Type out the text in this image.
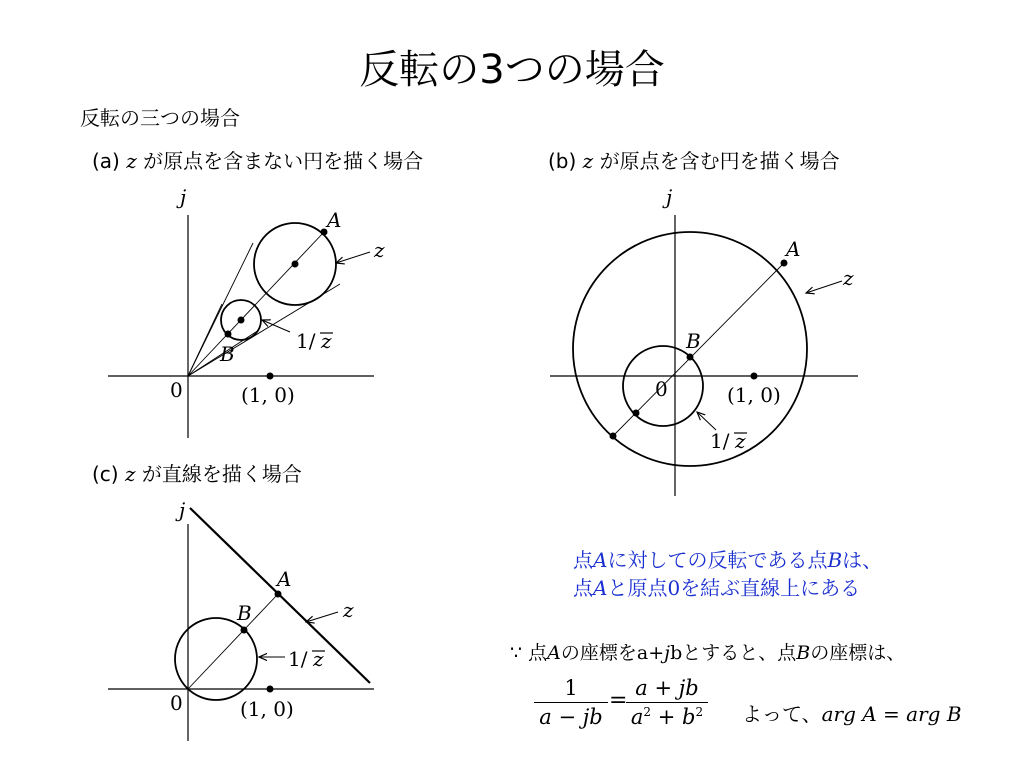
反転の3つの場合
反転の三つの場合
(a) z が原点を含まない円を描く場合	(b) z が原点を含む円を描く場合
(c) z が直線を描く場合
j
A
z
B
1/ z
0	(1, 0)
j
A
z
B
0	(1, 0)
1/ z
j
A
z
B
1/ z
0	(1, 0)
点Aに対しての反転である点Bは、
点Aと原点0を結ぶ直線上にある
∵ 点Aの座標をa+jbとすると、点Bの座標は、
$\frac{1}{a - jb}$ =
$\frac{a + jb}{a^2 + b^2}$ よって、arg A = arg B
